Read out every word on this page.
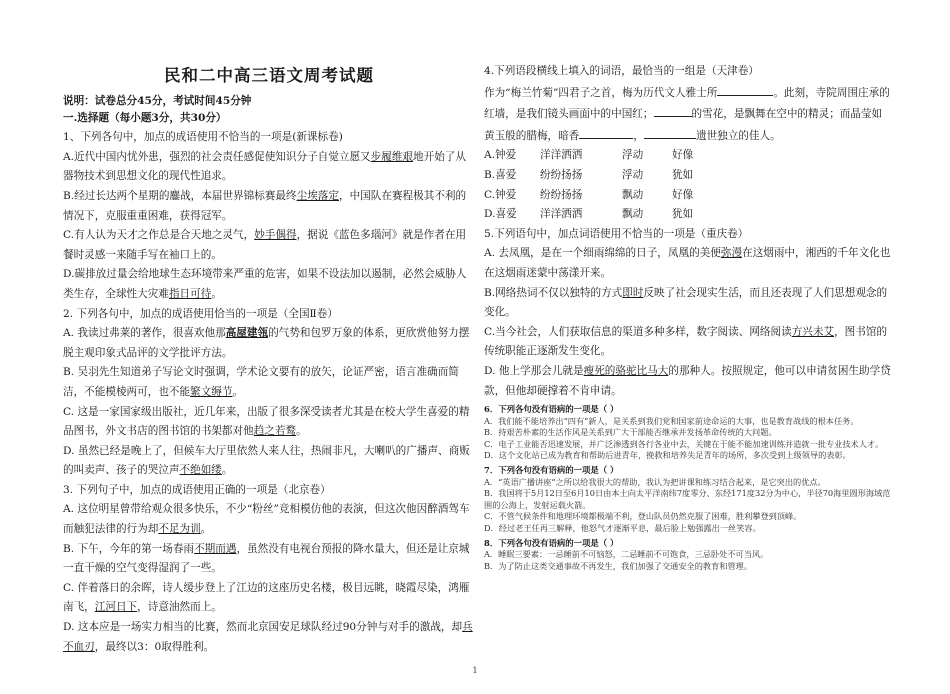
民和二中高三语文周考试题

说明：试卷总分45分，考试时间45分钟

一.选择题（每小题3分，共30分）

1、下列各句中，加点的成语使用不恰当的一项是(新课标卷)

A.近代中国内忧外患，强烈的社会责任感促使知识分子自觉立愿又步履维艰地开始了从器物技术到思想文化的现代性追求。

B.经过长达两个星期的鏖战，本届世界锦标赛最终尘埃落定，中国队在赛程极其不利的情况下，克服重重困难，获得冠军。

C.有人认为天才之作总是合天地之灵气，妙手偶得，据说《蓝色多瑙河》就是作者在用餐时灵感一来随手写在袖口上的。

D.碳排放过量会给地球生态环境带来严重的危害，如果不设法加以遏制，必然会威胁人类生存，全球性大灾难指日可待。

2. 下列各句中，加点的成语使用恰当的一项是（全国Ⅱ卷）

A. 我读过弗莱的著作，很喜欢他那高屋建瓴的气势和包罗万象的体系，更欣赏他努力摆脱主观印象式品评的文学批评方法。

B. 吴羽先生知道弟子写论文时强调，学术论文要有的放矢，论证严密，语言准确而简洁，不能模棱两可，也不能繁文缛节。

C. 这是一家国家级出版社，近几年来，出版了很多深受读者尤其是在校大学生喜爱的精品图书，外文书店的图书馆的书架都对他趋之若鹜。

D. 虽然已经是晚上了，但候车大厅里依然人来人往，热闹非凡，大喇叭的广播声、商贩的叫卖声、孩子的哭泣声不绝如缕。

3. 下列句子中，加点的成语使用正确的一项是（北京卷）

A. 这位明星曾带给观众很多快乐，不少“粉丝”竞相模仿他的表演，但这次他因醉酒驾车而触犯法律的行为却不足为训。

B. 下午，今年的第一场春雨不期而遇，虽然没有电视台预报的降水量大，但还是让京城一直干燥的空气变得湿润了一些。

C. 伴着落日的余晖，诗人缓步登上了江边的这座历史名楼，极目远眺，晓霞尽染，鸿雁南飞，江河日下，诗意油然而上。

D. 这本应是一场实力相当的比赛，然而北京国安足球队经过90分钟与对手的激战，却兵不血刃，最终以3：0取得胜利。

4.下列语段横线上填入的词语，最恰当的一组是（天津卷）

作为“梅兰竹菊”四君子之首，梅为历代文人雅士所	。此刻，寺院周围庄承的红墙，是我们镜头画面中的中国红；	的雪花，是飘舞在空中的精灵；而晶莹如黄玉般的腊梅，暗香	，	遗世独立的佳人。

A.钟爱	洋洋洒洒	浮动	好像
B.喜爱	纷纷扬扬	浮动	犹如
C.钟爱	纷纷扬扬	飘动	好像
D.喜爱	洋洋洒洒	飘动	犹如

5.下列语句中，加点词语使用不恰当的一项是（重庆卷）

A. 去凤凰，是在一个细雨绵绵的日子，凤凰的美便弥漫在这烟雨中，湘西的千年文化也在这烟雨迷蒙中荡漾开来。

B.网络热词不仅以独特的方式即时反映了社会现实生活，而且还表现了人们思想观念的 变化。

C.当今社会，人们获取信息的渠道多种多样，数字阅读、网络阅读方兴未艾，图书馆的传统职能正逐渐发生变化。

D. 他上学那会儿就是瘦死的骆驼比马大的那种人。按照规定，他可以申请贫困生助学贷款，但他却硬撑着不肯申请。

6．下列各句没有语病的一项是（ ）

A．我们能不能培养出“四有”新人，是关系到我们党和国家前途命运的大事，也是教育战线的根本任务。

B．持艰苦朴素的生活作风是关系到广大干部能否继承并发扬革命传统的大问题。

C．电子工业能否迅速发展，并广泛渗透到各行各业中去，关键在于能不能加速训练并造就一批专业技术人才。

D．这个文化站已成为教育和帮助后进青年，挽救和培养失足青年的场所，多次受到上级领导的表彰。

7．下列各句没有语病的一项是（ ）

A．“英语广播讲座”之所以给我很大的帮助，我认为把讲课和练习结合起来，是它突出的优点。

B．我国将于5月12日至6月10日由本土向太平洋南纬7度零分、东经171度32分为中心，半径70海里圆形海域范围的公海上，发射运载火箭。

C．不管气候条件和地理环境都极端不利，登山队员仍然克服了困难，胜利攀登到顶峰。

D．经过老王任再三解释，他怒气才逐渐平息，最后脸上勉强露出一丝笑容。

8．下列各句没有语病的一项是（ ）

A．睡眠三要素：一忌睡前不可恼怒，二忌睡前不可饱食，三忌卧处不可当风。

B．为了防止这类交通事故不再发生，我们加强了交通安全的教育和管理。

1
